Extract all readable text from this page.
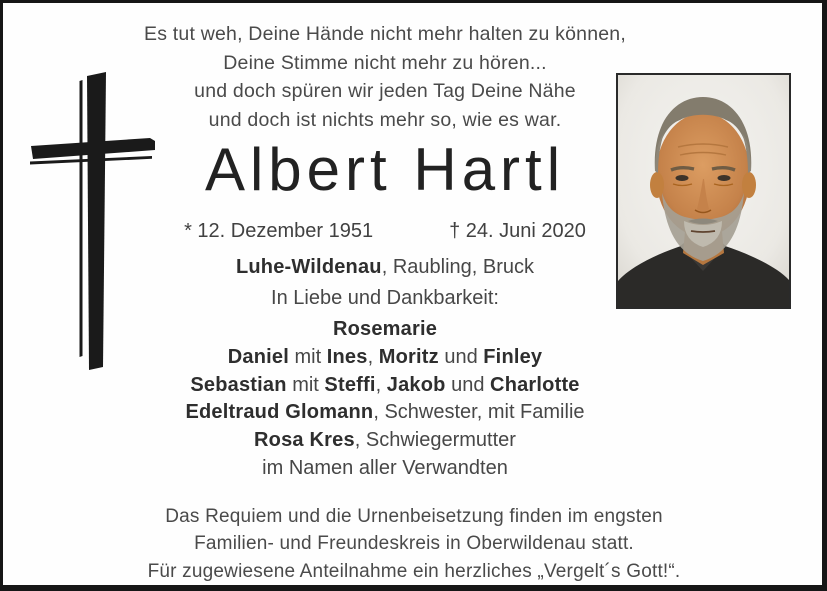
Es tut weh, Deine Hände nicht mehr halten zu können,
Deine Stimme nicht mehr zu hören...
und doch spüren wir jeden Tag Deine Nähe
und doch ist nichts mehr so, wie es war.
Albert Hartl
* 12. Dezember 1951	† 24. Juni 2020
Luhe-Wildenau, Raubling, Bruck
In Liebe und Dankbarkeit:
Rosemarie
Daniel mit Ines, Moritz und Finley
Sebastian mit Steffi, Jakob und Charlotte
Edeltraud Glomann, Schwester, mit Familie
Rosa Kres, Schwiegermutter
im Namen aller Verwandten
Das Requiem und die Urnenbeisetzung finden im engsten
Familien- und Freundeskreis in Oberwildenau statt.
Für zugewiesene Anteilnahme ein herzliches „Vergelt´s Gott!“.
